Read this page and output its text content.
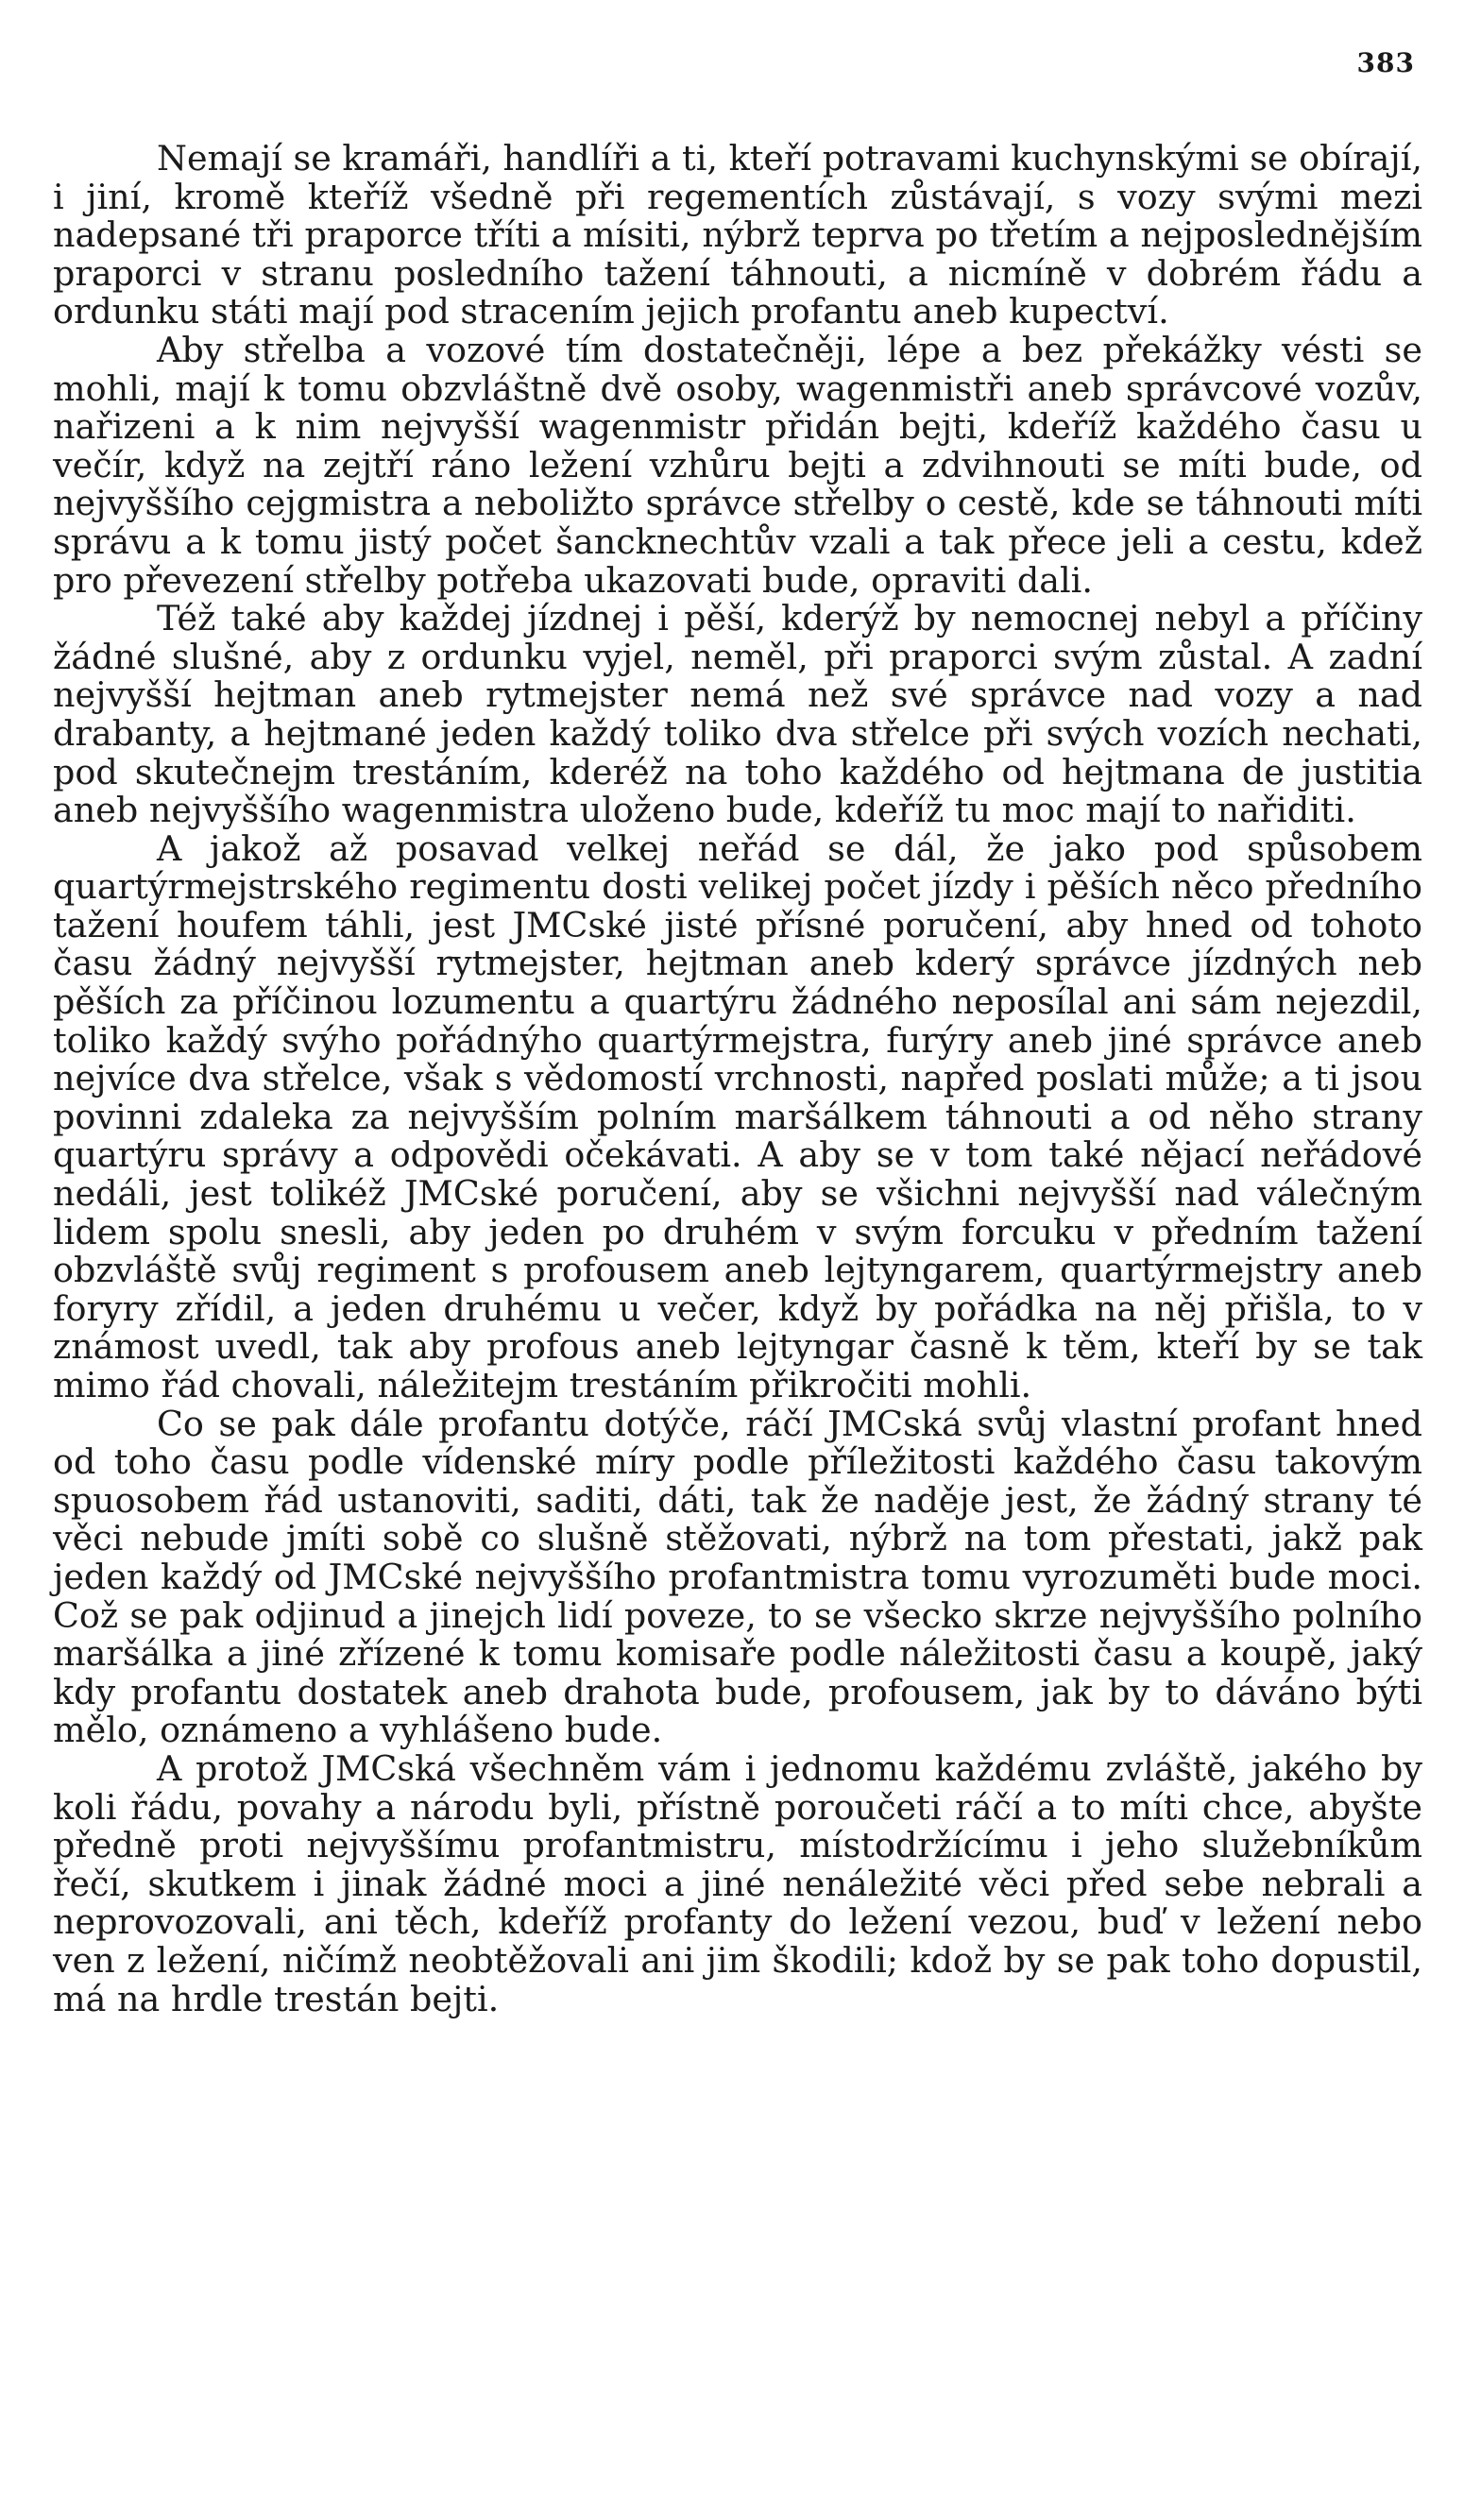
383

Nemají se kramáři, handlíři a ti, kteří potravami kuchynskými se obírají, i jiní, kromě kteříž všedně při regementích zůstávají, s vozy svými mezi nadepsané tři praporce tříti a mísiti, nýbrž teprva po třetím a nejposlednějším praporci v stranu posledního tažení táhnouti, a nicmíně v dobrém řádu a ordunku státi mají pod stracením jejich profantu aneb kupectví.

Aby střelba a vozové tím dostatečněji, lépe a bez překážky vésti se mohli, mají k tomu obzvláštně dvě osoby, wagenmistři aneb správcové vozův, nařizeni a k nim nejvyšší wagenmistr přidán bejti, kdeříž každého času u večír, když na zejtří ráno ležení vzhůru bejti a zdvihnouti se míti bude, od nejvyššího cejgmistra a neboližto správce střelby o cestě, kde se táhnouti míti správu a k tomu jistý počet šancknechtův vzali a tak přece jeli a cestu, kdež pro převezení střelby potřeba ukazovati bude, opraviti dali.

Též také aby každej jízdnej i pěší, kderýž by nemocnej nebyl a příčiny žádné slušné, aby z ordunku vyjel, neměl, při praporci svým zůstal. A zadní nejvyšší hejtman aneb rytmejster nemá než své správce nad vozy a nad drabanty, a hejtmané jeden každý toliko dva střelce při svých vozích nechati, pod skutečnejm trestáním, kderéž na toho každého od hejtmana de justitia aneb nejvyššího wagenmistra uloženo bude, kdeříž tu moc mají to nařiditi.

A jakož až posavad velkej neřád se dál, že jako pod spůsobem quartýrmejstrského regimentu dosti velikej počet jízdy i pěších něco předního tažení houfem táhli, jest JMCské jisté přísné poručení, aby hned od tohoto času žádný nejvyšší rytmejster, hejtman aneb kderý správce jízdných neb pěších za příčinou lozumentu a quartýru žádného neposílal ani sám nejezdil, toliko každý svýho pořádnýho quartýrmejstra, furýry aneb jiné správce aneb nejvíce dva střelce, však s vědomostí vrchnosti, napřed poslati může; a ti jsou povinni zdaleka za nejvyšším polním maršálkem táhnouti a od něho strany quartýru správy a odpovědi očekávati. A aby se v tom také nějací neřádové nedáli, jest tolikéž JMCské poručení, aby se všichni nejvyšší nad válečným lidem spolu snesli, aby jeden po druhém v svým forcuku v předním tažení obzvláště svůj regiment s profousem aneb lejtyngarem, quartýrmejstry aneb foryry zřídil, a jeden druhému u večer, když by pořádka na něj přišla, to v známost uvedl, tak aby profous aneb lejtyngar časně k těm, kteří by se tak mimo řád chovali, náležitejm trestáním přikročiti mohli.

Co se pak dále profantu dotýče, ráčí JMCská svůj vlastní profant hned od toho času podle vídenské míry podle příležitosti každého času takovým spuosobem řád ustanoviti, saditi, dáti, tak že naděje jest, že žádný strany té věci nebude jmíti sobě co slušně stěžovati, nýbrž na tom přestati, jakž pak jeden každý od JMCské nejvyššího profantmistra tomu vyrozuměti bude moci. Což se pak odjinud a jinejch lidí poveze, to se všecko skrze nejvyššího polního maršálka a jiné zřízené k tomu komisaře podle náležitosti času a koupě, jaký kdy profantu dostatek aneb drahota bude, profousem, jak by to dáváno býti mělo, oznámeno a vyhlášeno bude.

A protož JMCská všechněm vám i jednomu každému zvláště, jakého by koli řádu, povahy a národu byli, přístně poroučeti ráčí a to míti chce, abyšte předně proti nejvyššímu profantmistru, místodržícímu i jeho služebníkům řečí, skutkem i jinak žádné moci a jiné nenáležité věci před sebe nebrali a neprovozovali, ani těch, kdeříž profanty do ležení vezou, buď v ležení nebo ven z ležení, ničímž neobtěžovali ani jim škodili; kdož by se pak toho dopustil, má na hrdle trestán bejti.
